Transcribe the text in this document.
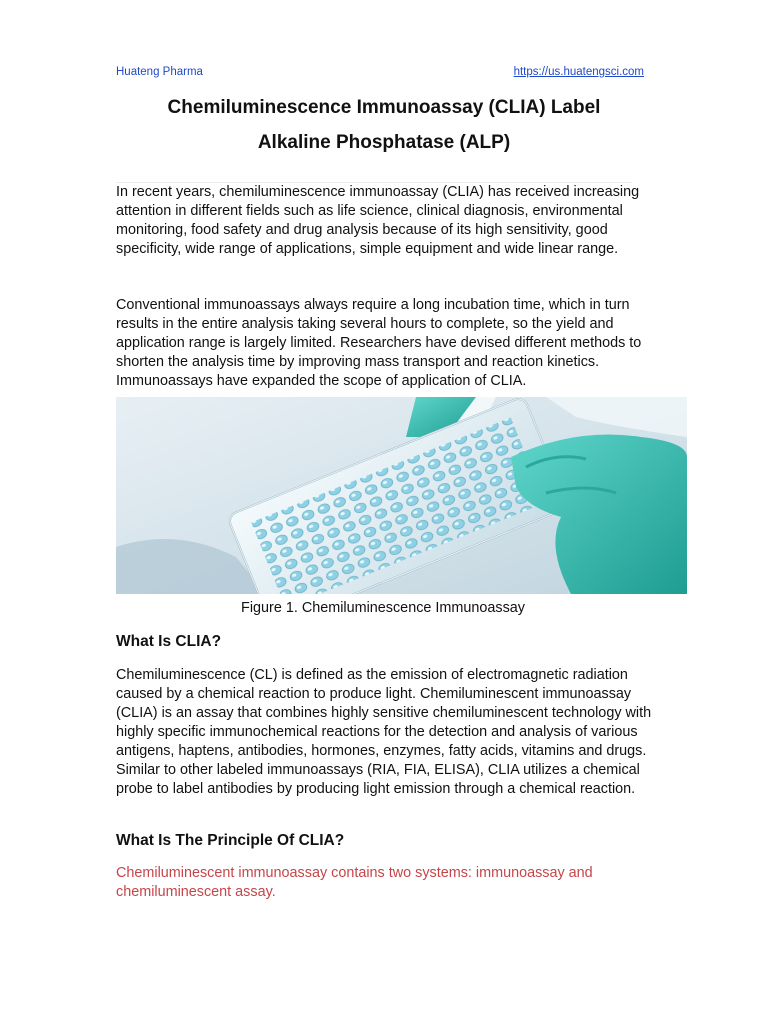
Huateng Pharma	https://us.huatengsci.com
Chemiluminescence Immunoassay (CLIA) Label
Alkaline Phosphatase (ALP)

In recent years, chemiluminescence immunoassay (CLIA) has received increasing attention in different fields such as life science, clinical diagnosis, environmental monitoring, food safety and drug analysis because of its high sensitivity, good specificity, wide range of applications, simple equipment and wide linear range.

Conventional immunoassays always require a long incubation time, which in turn results in the entire analysis taking several hours to complete, so the yield and application range is largely limited. Researchers have devised different methods to shorten the analysis time by improving mass transport and reaction kinetics. Immunoassays have expanded the scope of application of CLIA.

Figure 1. Chemiluminescence Immunoassay
What Is CLIA?

Chemiluminescence (CL) is defined as the emission of electromagnetic radiation caused by a chemical reaction to produce light. Chemiluminescent immunoassay (CLIA) is an assay that combines highly sensitive chemiluminescent technology with highly specific immunochemical reactions for the detection and analysis of various antigens, haptens, antibodies, hormones, enzymes, fatty acids, vitamins and drugs. Similar to other labeled immunoassays (RIA, FIA, ELISA), CLIA utilizes a chemical probe to label antibodies by producing light emission through a chemical reaction.

What Is The Principle Of CLIA?

Chemiluminescent immunoassay contains two systems: immunoassay and chemiluminescent assay.
